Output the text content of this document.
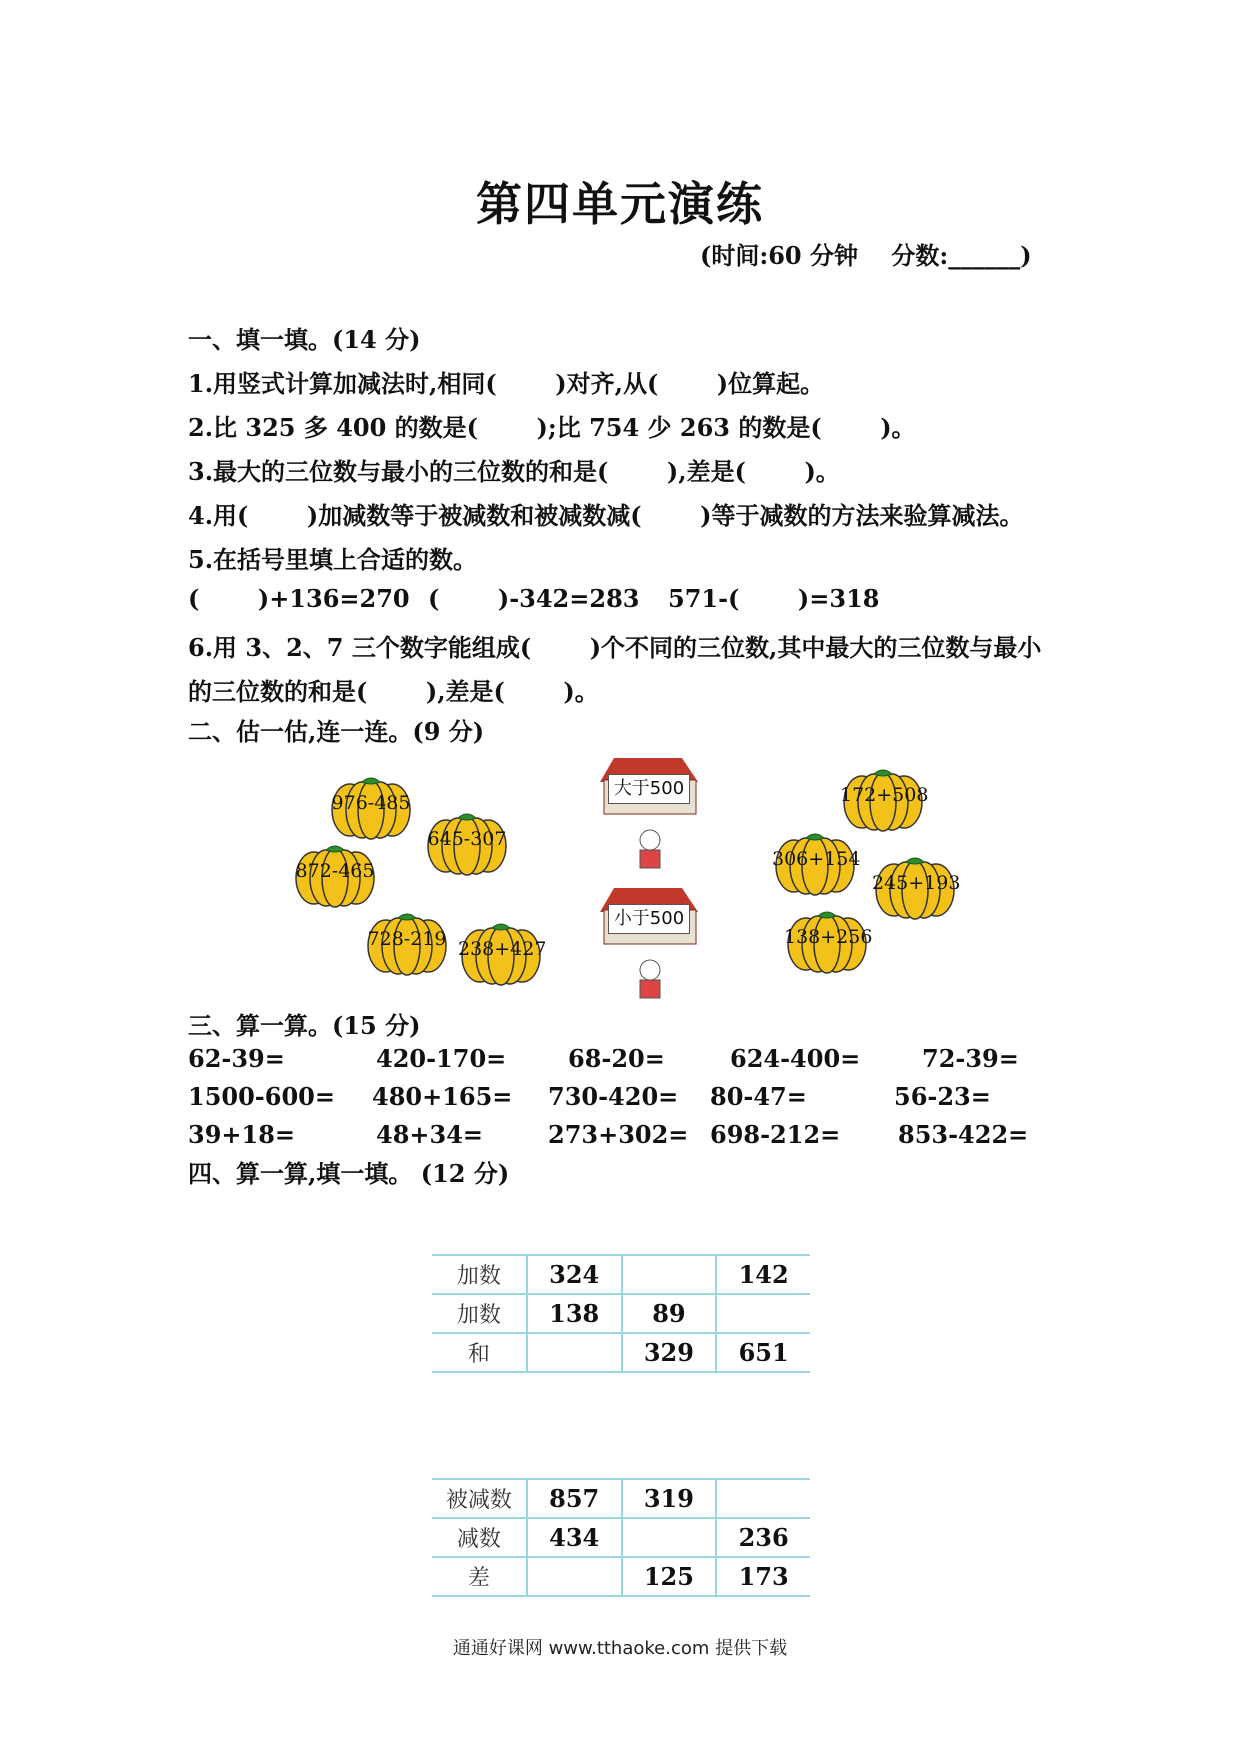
第四单元演练
(时间:60 分钟    分数:______)
一、填一填。(14 分)
1.用竖式计算加减法时,相同(       )对齐,从(       )位算起。
2.比 325 多 400 的数是(       );比 754 少 263 的数是(       )。
3.最大的三位数与最小的三位数的和是(       ),差是(       )。
4.用(       )加减数等于被减数和被减数减(       )等于减数的方法来验算减法。
5.在括号里填上合适的数。
(       )+136=270 (       )-342=283 571-(       )=318
6.用 3、2、7 三个数字能组成(       )个不同的三位数,其中最大的三位数与最小
的三位数的和是(       ),差是(       )。
二、估一估,连一连。(9 分)
976-485
645-307
872-465
728-219 238+427
172+508
306+154
245+193
138+256
大于500
小于500
三、算一算。(15 分)
62-39=	420-170=	68-20=	624-400=	72-39=
1500-600= 480+165= 730-420= 80-47=	56-23=
39+18=	48+34=	273+302= 698-212= 853-422=
四、算一算,填一填。 (12 分)
加数	324		142
加数	138	89	
和		329	651
被减数	857	319	
减数	434		236
差		125	173
通通好课网 www.tthaoke.com 提供下载
